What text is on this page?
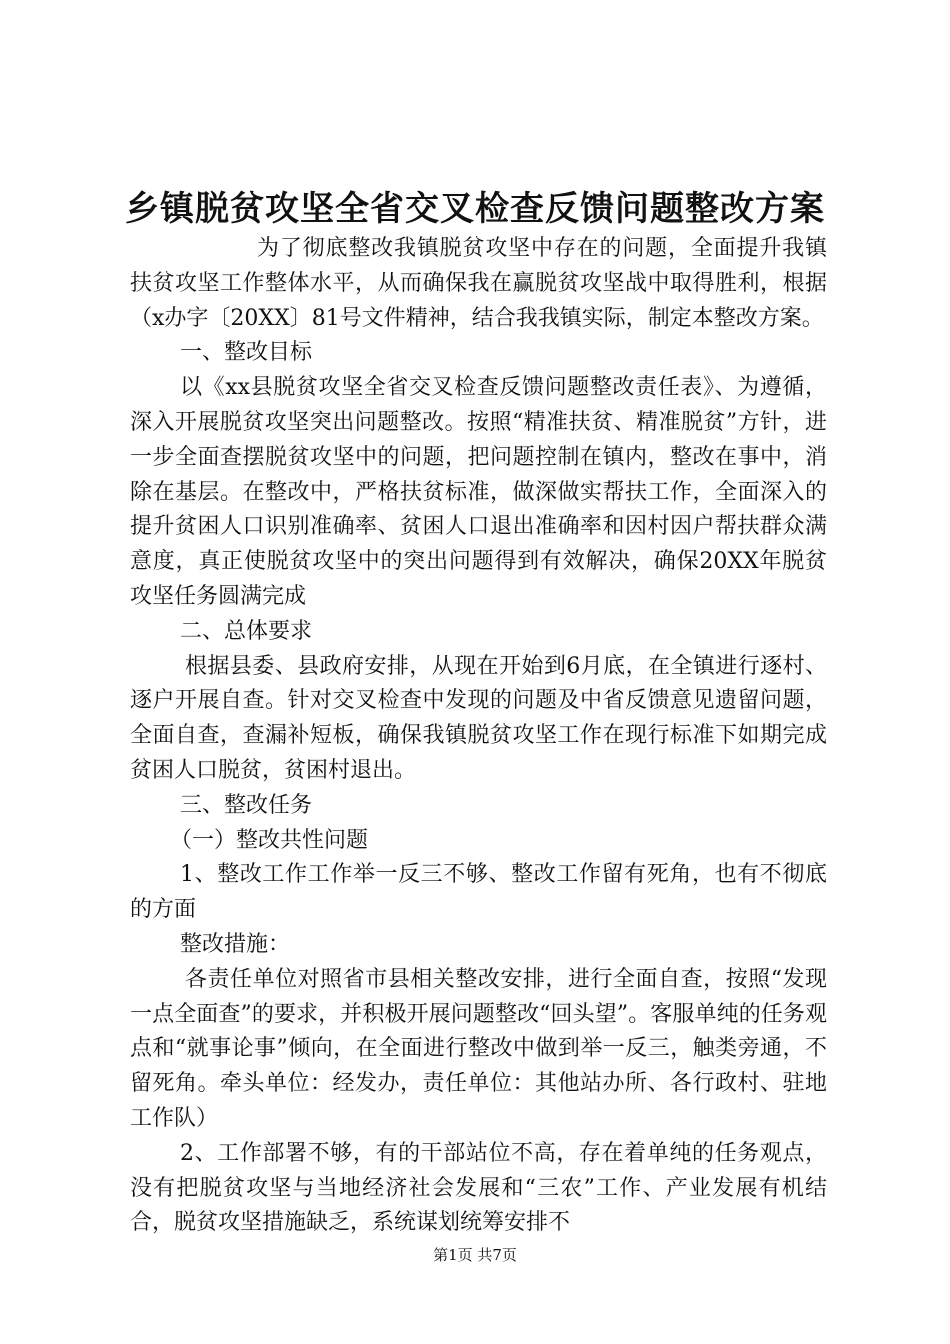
乡镇脱贫攻坚全省交叉检查反馈问题整改方案

为了彻底整改我镇脱贫攻坚中存在的问题，全面提升我镇扶贫攻坚工作整体水平，从而确保我在赢脱贫攻坚战中取得胜利，根据（x办字〔20XX〕81号文件精神，结合我我镇实际，制定本整改方案。

一、整改目标

以《xx县脱贫攻坚全省交叉检查反馈问题整改责任表》、为遵循，深入开展脱贫攻坚突出问题整改。按照“精准扶贫、精准脱贫”方针，进一步全面查摆脱贫攻坚中的问题，把问题控制在镇内，整改在事中，消除在基层。在整改中，严格扶贫标准，做深做实帮扶工作，全面深入的提升贫困人口识别准确率、贫困人口退出准确率和因村因户帮扶群众满意度，真正使脱贫攻坚中的突出问题得到有效解决，确保20XX年脱贫攻坚任务圆满完成

二、总体要求

根据县委、县政府安排，从现在开始到6月底，在全镇进行逐村、逐户开展自查。针对交叉检查中发现的问题及中省反馈意见遗留问题，全面自查，查漏补短板，确保我镇脱贫攻坚工作在现行标准下如期完成贫困人口脱贫，贫困村退出。

三、整改任务

（一）整改共性问题

1、整改工作工作举一反三不够、整改工作留有死角，也有不彻底的方面

整改措施：

各责任单位对照省市县相关整改安排，进行全面自查，按照“发现一点全面查”的要求，并积极开展问题整改“回头望”。客服单纯的任务观点和“就事论事”倾向，在全面进行整改中做到举一反三，触类旁通，不留死角。牵头单位：经发办，责任单位：其他站办所、各行政村、驻地工作队）

2、工作部署不够，有的干部站位不高，存在着单纯的任务观点，没有把脱贫攻坚与当地经济社会发展和“三农”工作、产业发展有机结合，脱贫攻坚措施缺乏，系统谋划统筹安排不

第1页 共7页
